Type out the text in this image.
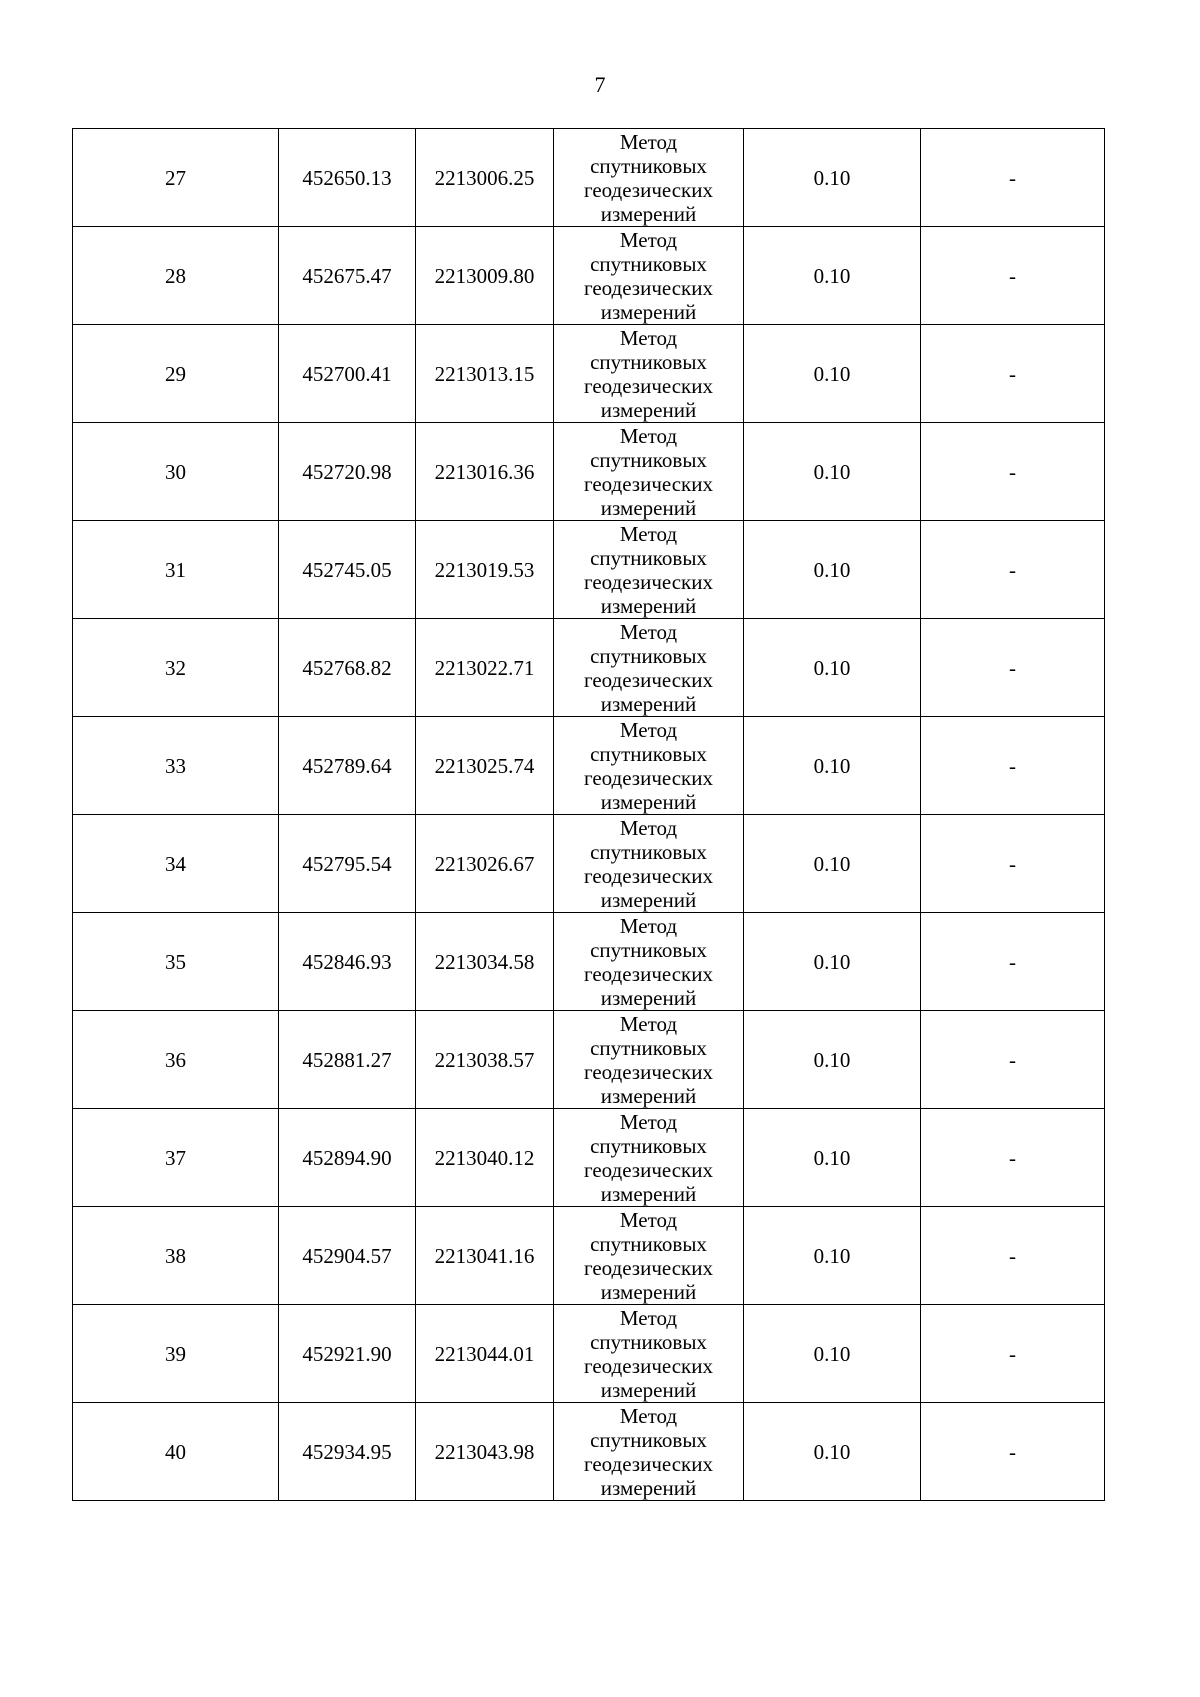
7
27	452650.13	2213006.25	Метод
спутниковых
геодезических
измерений	0.10	-
28	452675.47	2213009.80	Метод
спутниковых
геодезических
измерений	0.10	-
29	452700.41	2213013.15	Метод
спутниковых
геодезических
измерений	0.10	-
30	452720.98	2213016.36	Метод
спутниковых
геодезических
измерений	0.10	-
31	452745.05	2213019.53	Метод
спутниковых
геодезических
измерений	0.10	-
32	452768.82	2213022.71	Метод
спутниковых
геодезических
измерений	0.10	-
33	452789.64	2213025.74	Метод
спутниковых
геодезических
измерений	0.10	-
34	452795.54	2213026.67	Метод
спутниковых
геодезических
измерений	0.10	-
35	452846.93	2213034.58	Метод
спутниковых
геодезических
измерений	0.10	-
36	452881.27	2213038.57	Метод
спутниковых
геодезических
измерений	0.10	-
37	452894.90	2213040.12	Метод
спутниковых
геодезических
измерений	0.10	-
38	452904.57	2213041.16	Метод
спутниковых
геодезических
измерений	0.10	-
39	452921.90	2213044.01	Метод
спутниковых
геодезических
измерений	0.10	-
40	452934.95	2213043.98	Метод
спутниковых
геодезических
измерений	0.10	-
